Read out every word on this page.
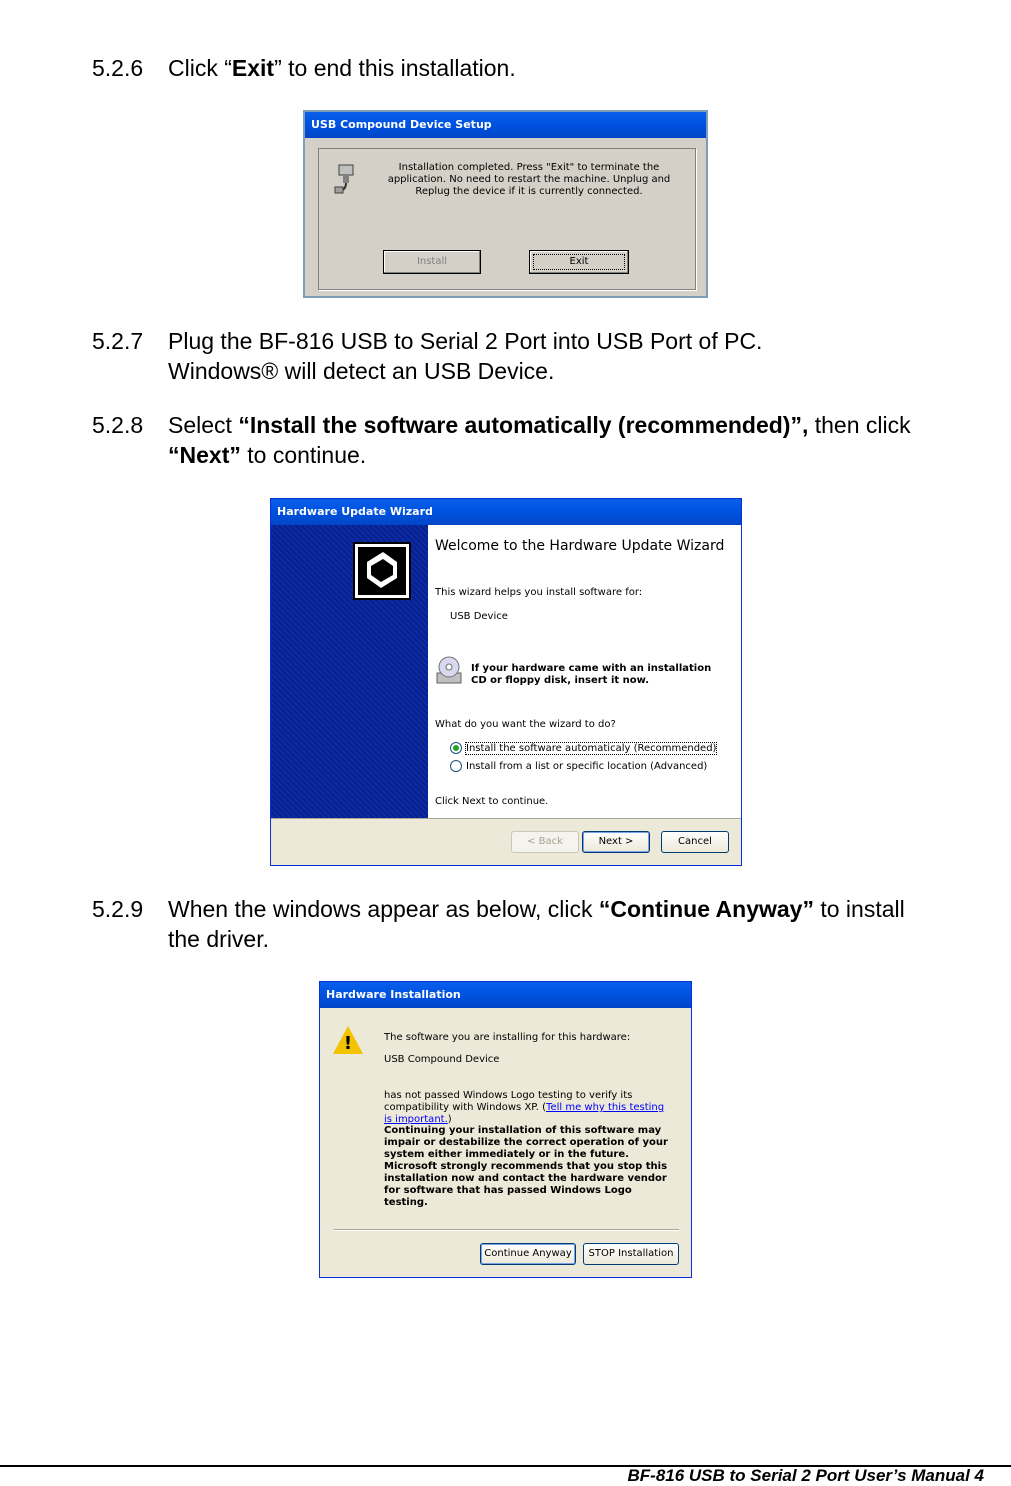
5.2.6 Click “Exit” to end this installation.
USB Compound Device Setup
Installation completed. Press "Exit" to terminate the application. No need to restart the machine. Unplug and Replug the device if it is currently connected.
Install	Exit
5.2.7 Plug the BF-816 USB to Serial 2 Port into USB Port of PC.
Windows® will detect an USB Device.
5.2.8 Select “Install the software automatically (recommended)”, then click
“Next” to continue.
Hardware Update Wizard
Welcome to the Hardware Update Wizard
This wizard helps you install software for:
USB Device
If your hardware came with an installation CD or floppy disk, insert it now.
What do you want the wizard to do?
Install the software automaticaly (Recommended)
Install from a list or specific location (Advanced)
Click Next to continue.
< Back	Next >	Cancel
5.2.9 When the windows appear as below, click “Continue Anyway” to install
the driver.
Hardware Installation
!	The software you are installing for this hardware:
USB Compound Device
has not passed Windows Logo testing to verify its compatibility with Windows XP. (Tell me why this testing is important.)
Continuing your installation of this software may impair or destabilize the correct operation of your system either immediately or in the future. Microsoft strongly recommends that you stop this installation now and contact the hardware vendor for software that has passed Windows Logo testing.
Continue Anyway	STOP Installation
BF-816 USB to Serial 2 Port User’s Manual 4
